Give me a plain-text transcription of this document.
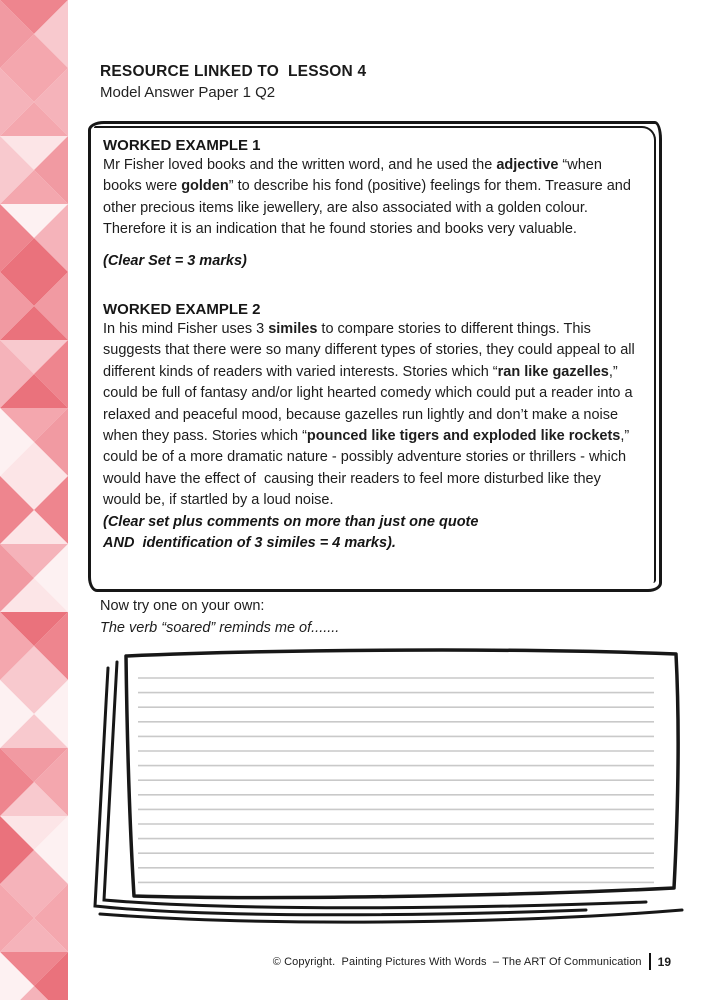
RESOURCE LINKED TO  LESSON 4
Model Answer Paper 1 Q2
WORKED EXAMPLE 1
Mr Fisher loved books and the written word, and he used the adjective “when books were golden” to describe his fond (positive) feelings for them. Treasure and other precious items like jewellery, are also associated with a golden colour. Therefore it is an indication that he found stories and books very valuable.
(Clear Set = 3 marks)
WORKED EXAMPLE 2
In his mind Fisher uses 3 similes to compare stories to different things. This suggests that there were so many different types of stories, they could appeal to all different kinds of readers with varied interests. Stories which “ran like gazelles,” could be full of fantasy and/or light hearted comedy which could put a reader into a relaxed and peaceful mood, because gazelles run lightly and don’t make a noise when they pass. Stories which “pounced like tigers and exploded like rockets,” could be of a more dramatic nature - possibly adventure stories or thrillers - which would have the effect of  causing their readers to feel more disturbed like they would be, if startled by a loud noise.
(Clear set plus comments on more than just one quote
AND  identification of 3 similes = 4 marks).
Now try one on your own:
The verb “soared” reminds me of.......
© Copyright.  Painting Pictures With Words  – The ART Of Communication 19
